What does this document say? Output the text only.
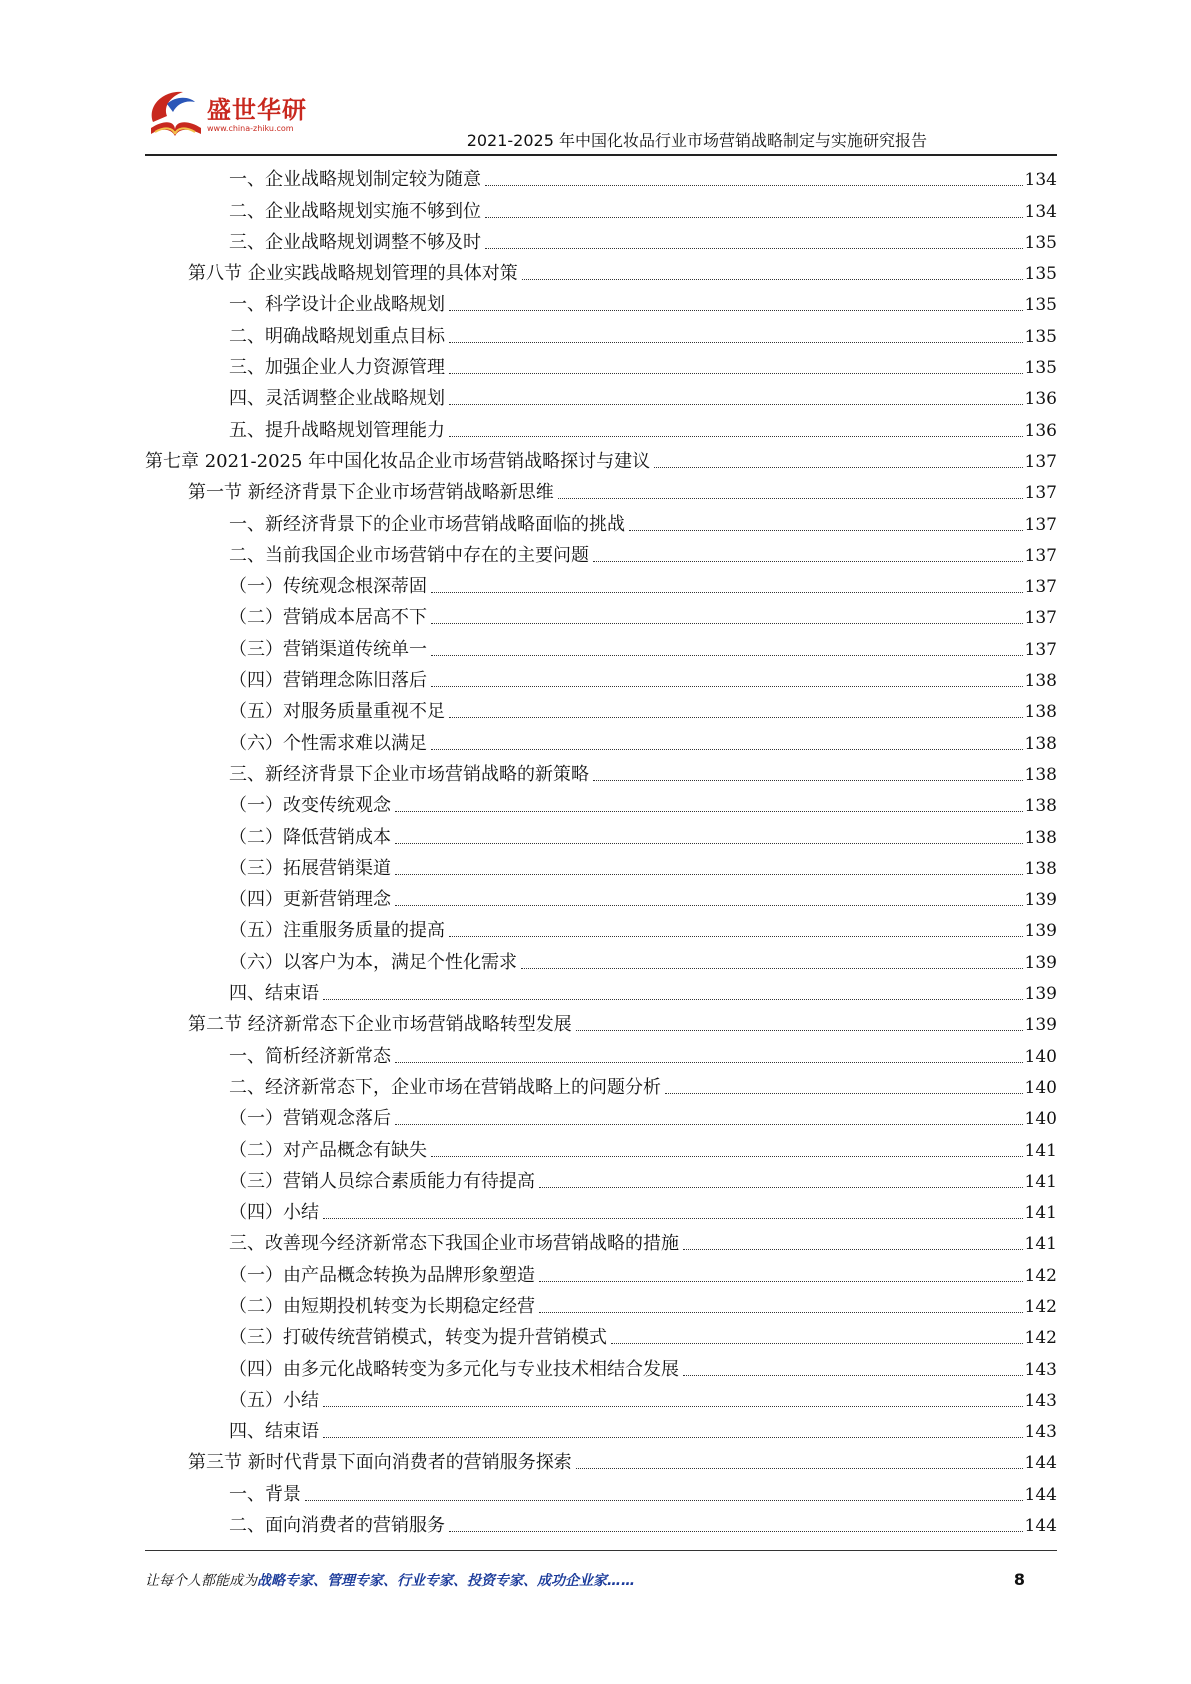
盛世华研
www.china-zhiku.com
2021-2025 年中国化妆品行业市场营销战略制定与实施研究报告
一、企业战略规划制定较为随意	134
二、企业战略规划实施不够到位	134
三、企业战略规划调整不够及时	135
第八节 企业实践战略规划管理的具体对策	135
一、科学设计企业战略规划	135
二、明确战略规划重点目标	135
三、加强企业人力资源管理	135
四、灵活调整企业战略规划	136
五、提升战略规划管理能力	136
第七章 2021-2025 年中国化妆品企业市场营销战略探讨与建议	137
第一节 新经济背景下企业市场营销战略新思维	137
一、新经济背景下的企业市场营销战略面临的挑战	137
二、当前我国企业市场营销中存在的主要问题	137
（一）传统观念根深蒂固	137
（二）营销成本居高不下	137
（三）营销渠道传统单一	137
（四）营销理念陈旧落后	138
（五）对服务质量重视不足	138
（六）个性需求难以满足	138
三、新经济背景下企业市场营销战略的新策略	138
（一）改变传统观念	138
（二）降低营销成本	138
（三）拓展营销渠道	138
（四）更新营销理念	139
（五）注重服务质量的提高	139
（六）以客户为本，满足个性化需求	139
四、结束语	139
第二节 经济新常态下企业市场营销战略转型发展	139
一、简析经济新常态	140
二、经济新常态下，企业市场在营销战略上的问题分析	140
（一）营销观念落后	140
（二）对产品概念有缺失	141
（三）营销人员综合素质能力有待提高	141
（四）小结	141
三、改善现今经济新常态下我国企业市场营销战略的措施	141
（一）由产品概念转换为品牌形象塑造	142
（二）由短期投机转变为长期稳定经营	142
（三）打破传统营销模式，转变为提升营销模式	142
（四）由多元化战略转变为多元化与专业技术相结合发展	143
（五）小结	143
四、结束语	143
第三节 新时代背景下面向消费者的营销服务探索	144
一、背景	144
二、面向消费者的营销服务	144
让每个人都能成为战略专家、管理专家、行业专家、投资专家、成功企业家……	8
